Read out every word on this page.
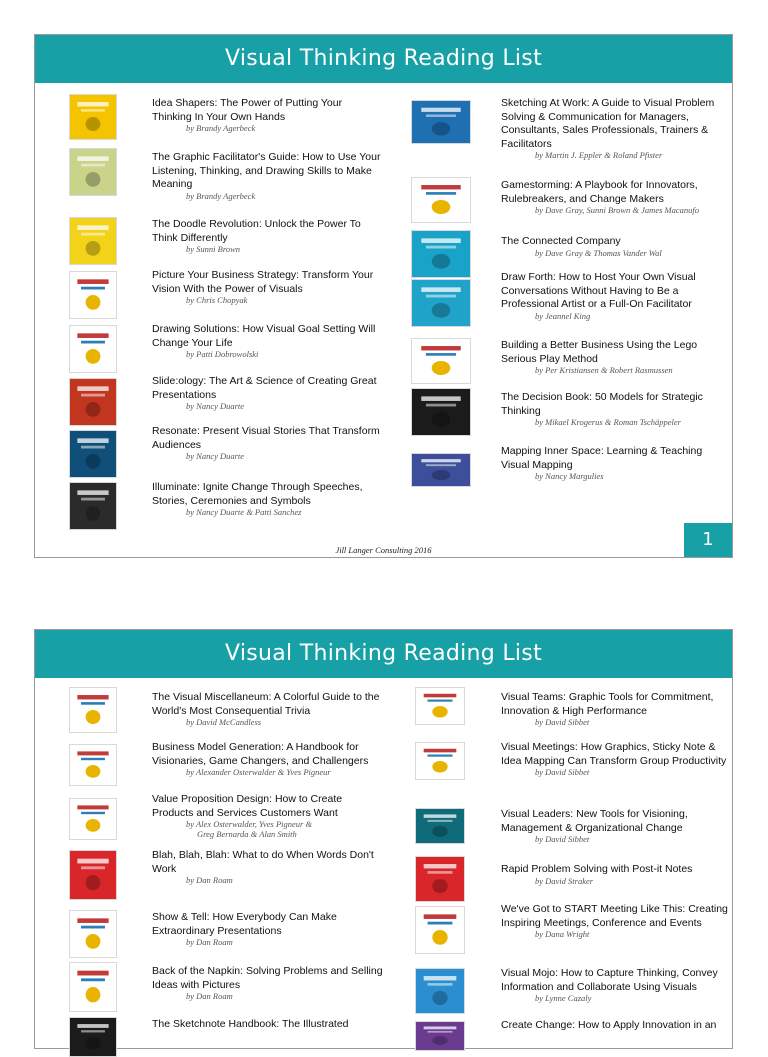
Visual Thinking Reading List
Idea Shapers: The Power of Putting Your Thinking In Your Own Hands
by Brandy Agerbeck
The Graphic Facilitator's Guide: How to Use Your Listening, Thinking, and Drawing Skills to Make Meaning
by Brandy Agerbeck
The Doodle Revolution: Unlock the Power To Think Differently
by Sunni Brown
Picture Your Business Strategy: Transform Your Vision With the Power of Visuals
by Chris Chopyak
Drawing Solutions: How Visual Goal Setting Will Change Your Life
by Patti Dobrowolski
Slide:ology: The Art & Science of Creating Great Presentations
by Nancy Duarte
Resonate: Present Visual Stories That Transform Audiences
by Nancy Duarte
Illuminate: Ignite Change Through Speeches, Stories, Ceremonies and Symbols
by Nancy Duarte & Patti Sanchez
Sketching At Work: A Guide to Visual Problem Solving & Communication for Managers, Consultants, Sales Professionals, Trainers & Facilitators
by Martin J. Eppler & Roland Pfister
Gamestorming: A Playbook for Innovators, Rulebreakers, and Change Makers
by Dave Gray, Sunni Brown & James Macanufo
The Connected Company
by Dave Gray & Thomas Vander Wal
Draw Forth: How to Host Your Own Visual Conversations Without Having to Be a Professional Artist or a Full-On Facilitator
by Jeannel King
Building a Better Business Using the Lego Serious Play Method
by Per Kristiansen & Robert Rasmussen
The Decision Book: 50 Models for Strategic Thinking
by Mikael Krogerus & Roman Tschäppeler
Mapping Inner Space: Learning & Teaching Visual Mapping
by Nancy Margulies
Jill Langer Consulting 2016	1
Visual Thinking Reading List
The Visual Miscellaneum: A Colorful Guide to the World's Most Consequential Trivia
by David McCandless
Business Model Generation: A Handbook for Visionaries, Game Changers, and Challengers
by Alexander Osterwalder & Yves Pigneur
Value Proposition Design: How to Create Products and Services Customers Want
by Alex Osterwalder, Yves Pigneur &
Greg Bernarda & Alan Smith
Blah, Blah, Blah: What to do When Words Don't Work
by Dan Roam
Show & Tell: How Everybody Can Make Extraordinary Presentations
by Dan Roam
Back of the Napkin: Solving Problems and Selling Ideas with Pictures
by Dan Roam
The Sketchnote Handbook: The Illustrated
Visual Teams: Graphic Tools for Commitment, Innovation & High Performance
by David Sibbet
Visual Meetings: How Graphics, Sticky Note & Idea Mapping Can Transform Group Productivity
by David Sibbet
Visual Leaders: New Tools for Visioning, Management & Organizational Change
by David Sibbet
Rapid Problem Solving with Post-it Notes
by David Straker
We've Got to START Meeting Like This: Creating Inspiring Meetings, Conference and Events
by Dana Wright
Visual Mojo: How to Capture Thinking, Convey Information and Collaborate Using Visuals
by Lynne Cazaly
Create Change: How to Apply Innovation in an
